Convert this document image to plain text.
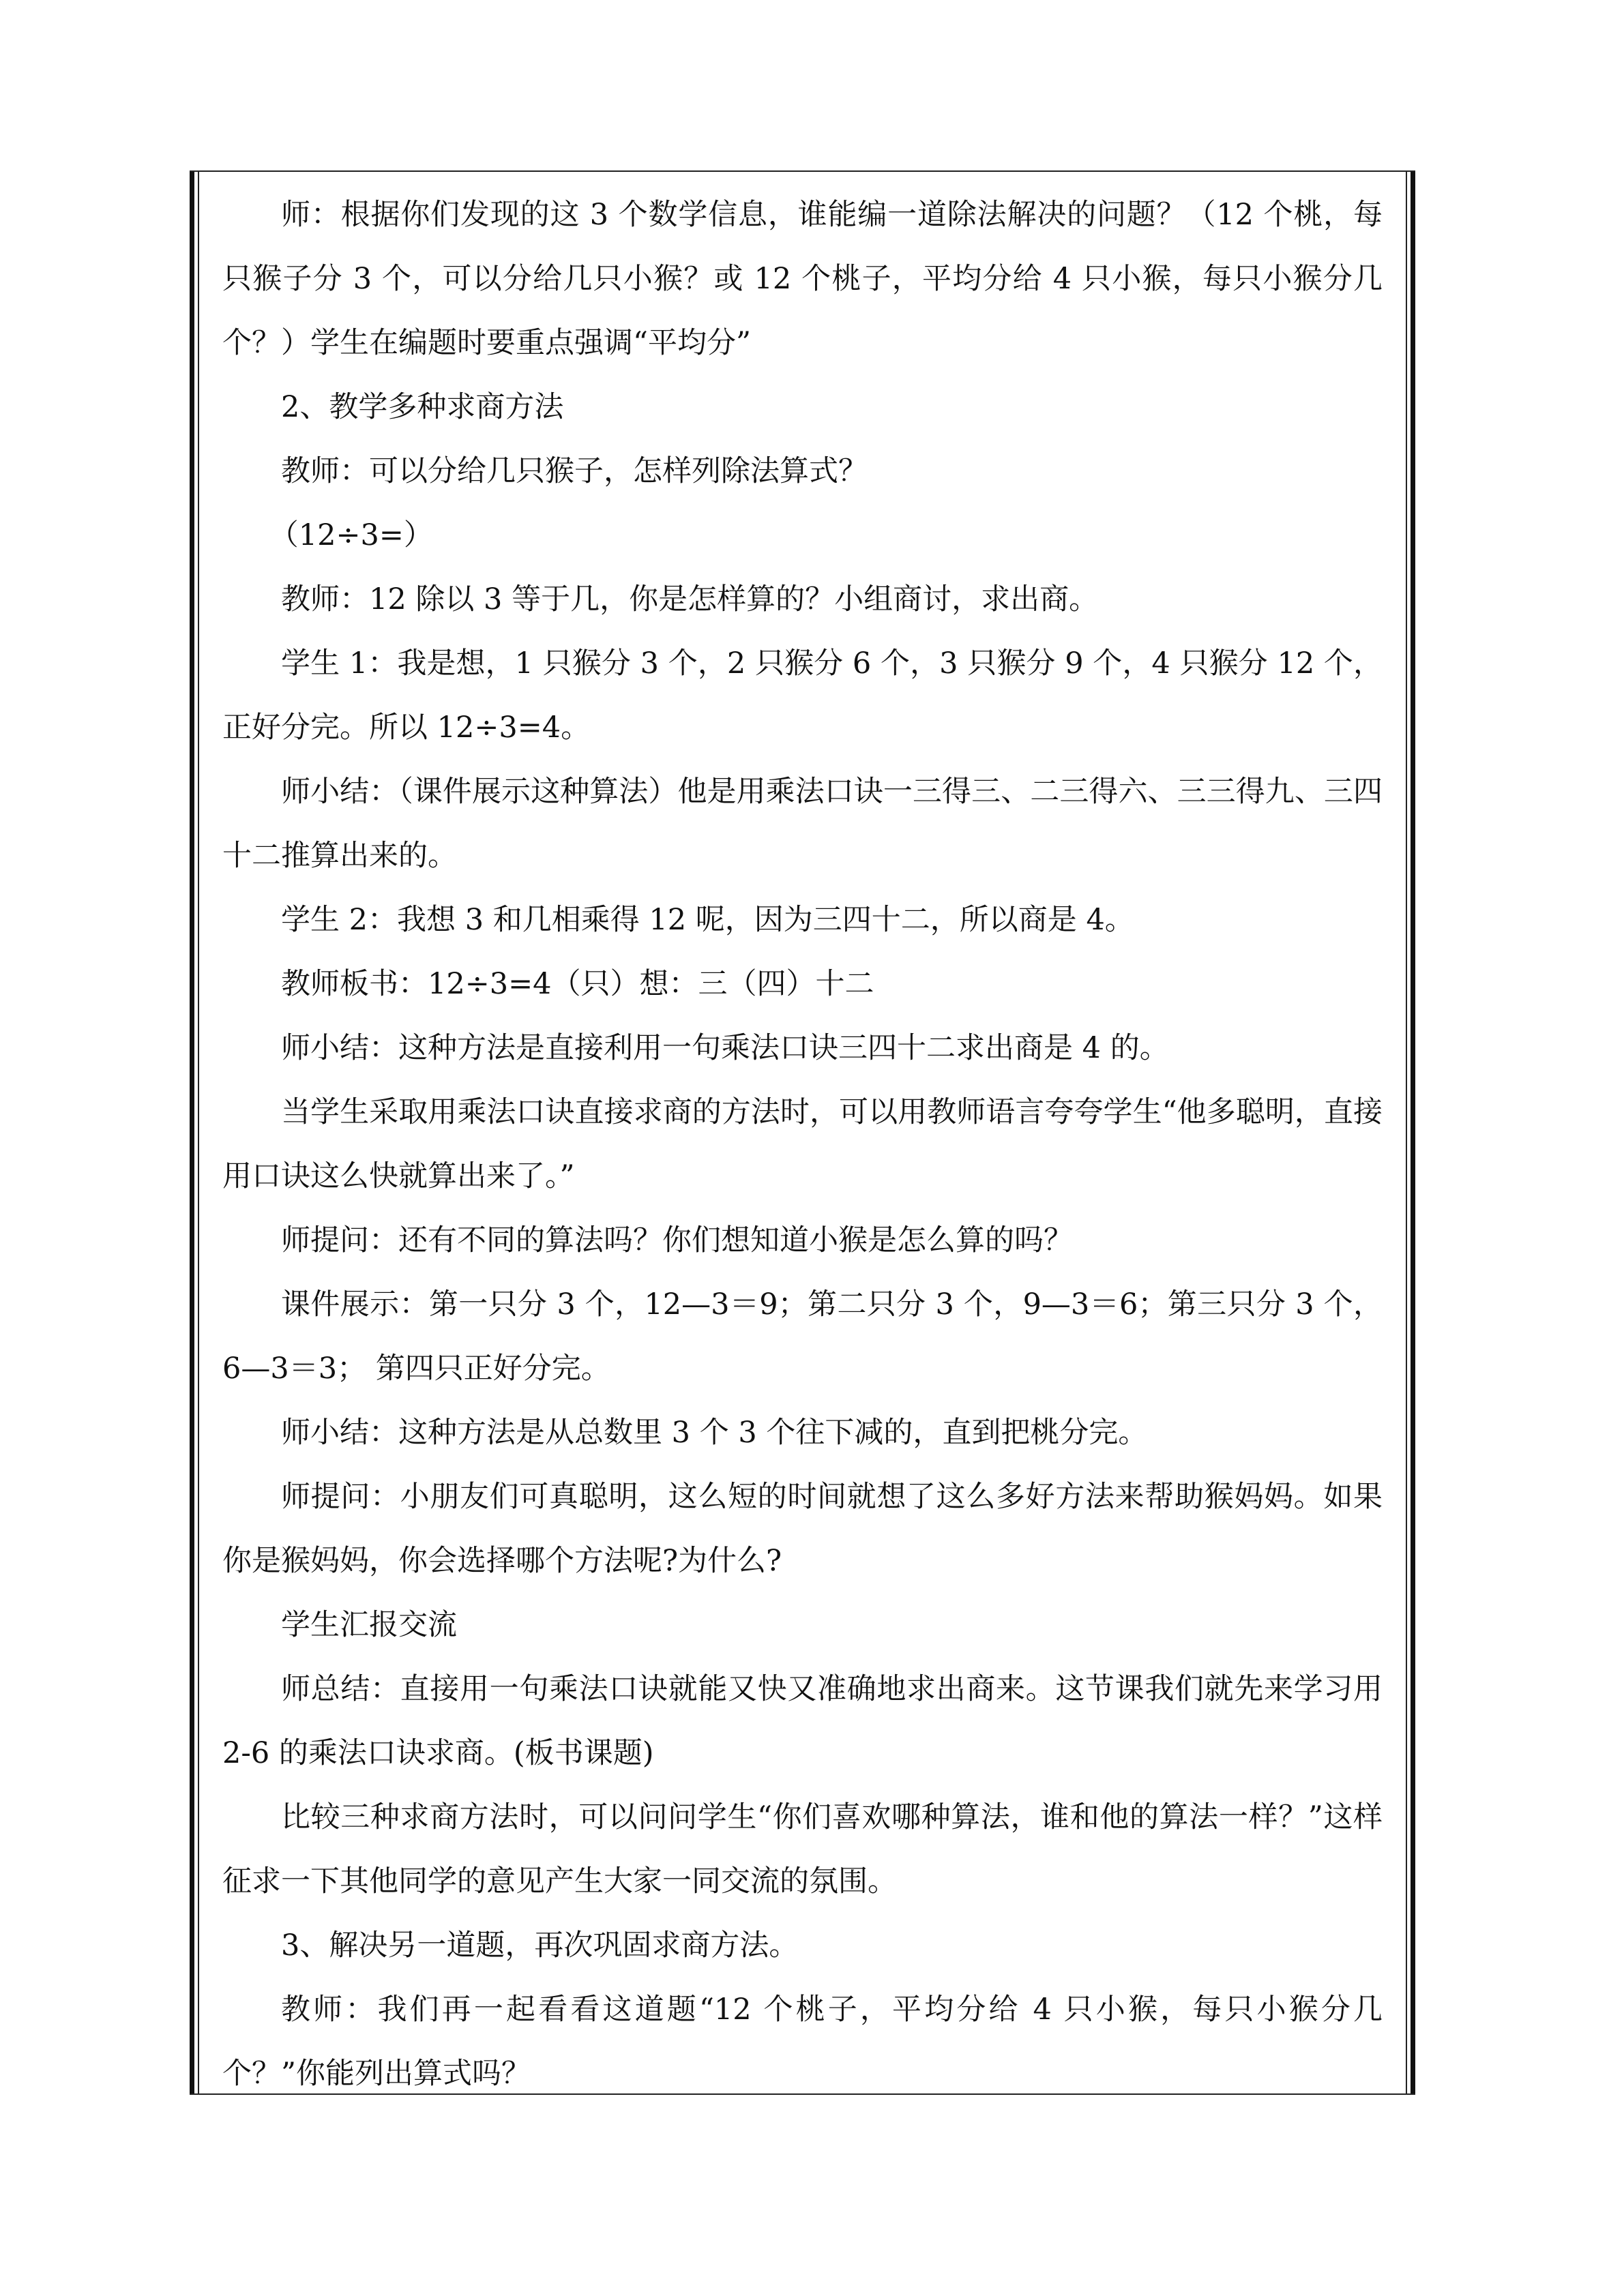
师：根据你们发现的这 3 个数学信息，谁能编一道除法解决的问题？（12 个桃，每只猴子分 3 个，可以分给几只小猴？或 12 个桃子，平均分给 4 只小猴，每只小猴分几个？）学生在编题时要重点强调“平均分”

2、教学多种求商方法

教师：可以分给几只猴子，怎样列除法算式？

（12÷3=）

教师：12 除以 3 等于几，你是怎样算的？小组商讨，求出商。

学生 1：我是想，1 只猴分 3 个，2 只猴分 6 个，3 只猴分 9 个，4 只猴分 12 个，正好分完。所以 12÷3=4。

师小结：（课件展示这种算法）他是用乘法口诀一三得三、二三得六、三三得九、三四十二推算出来的。

学生 2：我想 3 和几相乘得 12 呢，因为三四十二，所以商是 4。

教师板书：12÷3=4（只）想：三（四）十二

师小结：这种方法是直接利用一句乘法口诀三四十二求出商是 4 的。

当学生采取用乘法口诀直接求商的方法时，可以用教师语言夸夸学生“他多聪明，直接用口诀这么快就算出来了。”

师提问：还有不同的算法吗？你们想知道小猴是怎么算的吗？

课件展示：第一只分 3 个，12—3＝9；第二只分 3 个，9—3＝6；第三只分 3 个，6—3＝3； 第四只正好分完。

师小结：这种方法是从总数里 3 个 3 个往下减的，直到把桃分完。

师提问：小朋友们可真聪明，这么短的时间就想了这么多好方法来帮助猴妈妈。如果你是猴妈妈，你会选择哪个方法呢?为什么?

学生汇报交流

师总结：直接用一句乘法口诀就能又快又准确地求出商来。这节课我们就先来学习用 2-6 的乘法口诀求商。(板书课题)

比较三种求商方法时，可以问问学生“你们喜欢哪种算法，谁和他的算法一样？”这样征求一下其他同学的意见产生大家一同交流的氛围。

3、解决另一道题，再次巩固求商方法。

教师：我们再一起看看这道题“12 个桃子，平均分给 4 只小猴，每只小猴分几个？”你能列出算式吗？
